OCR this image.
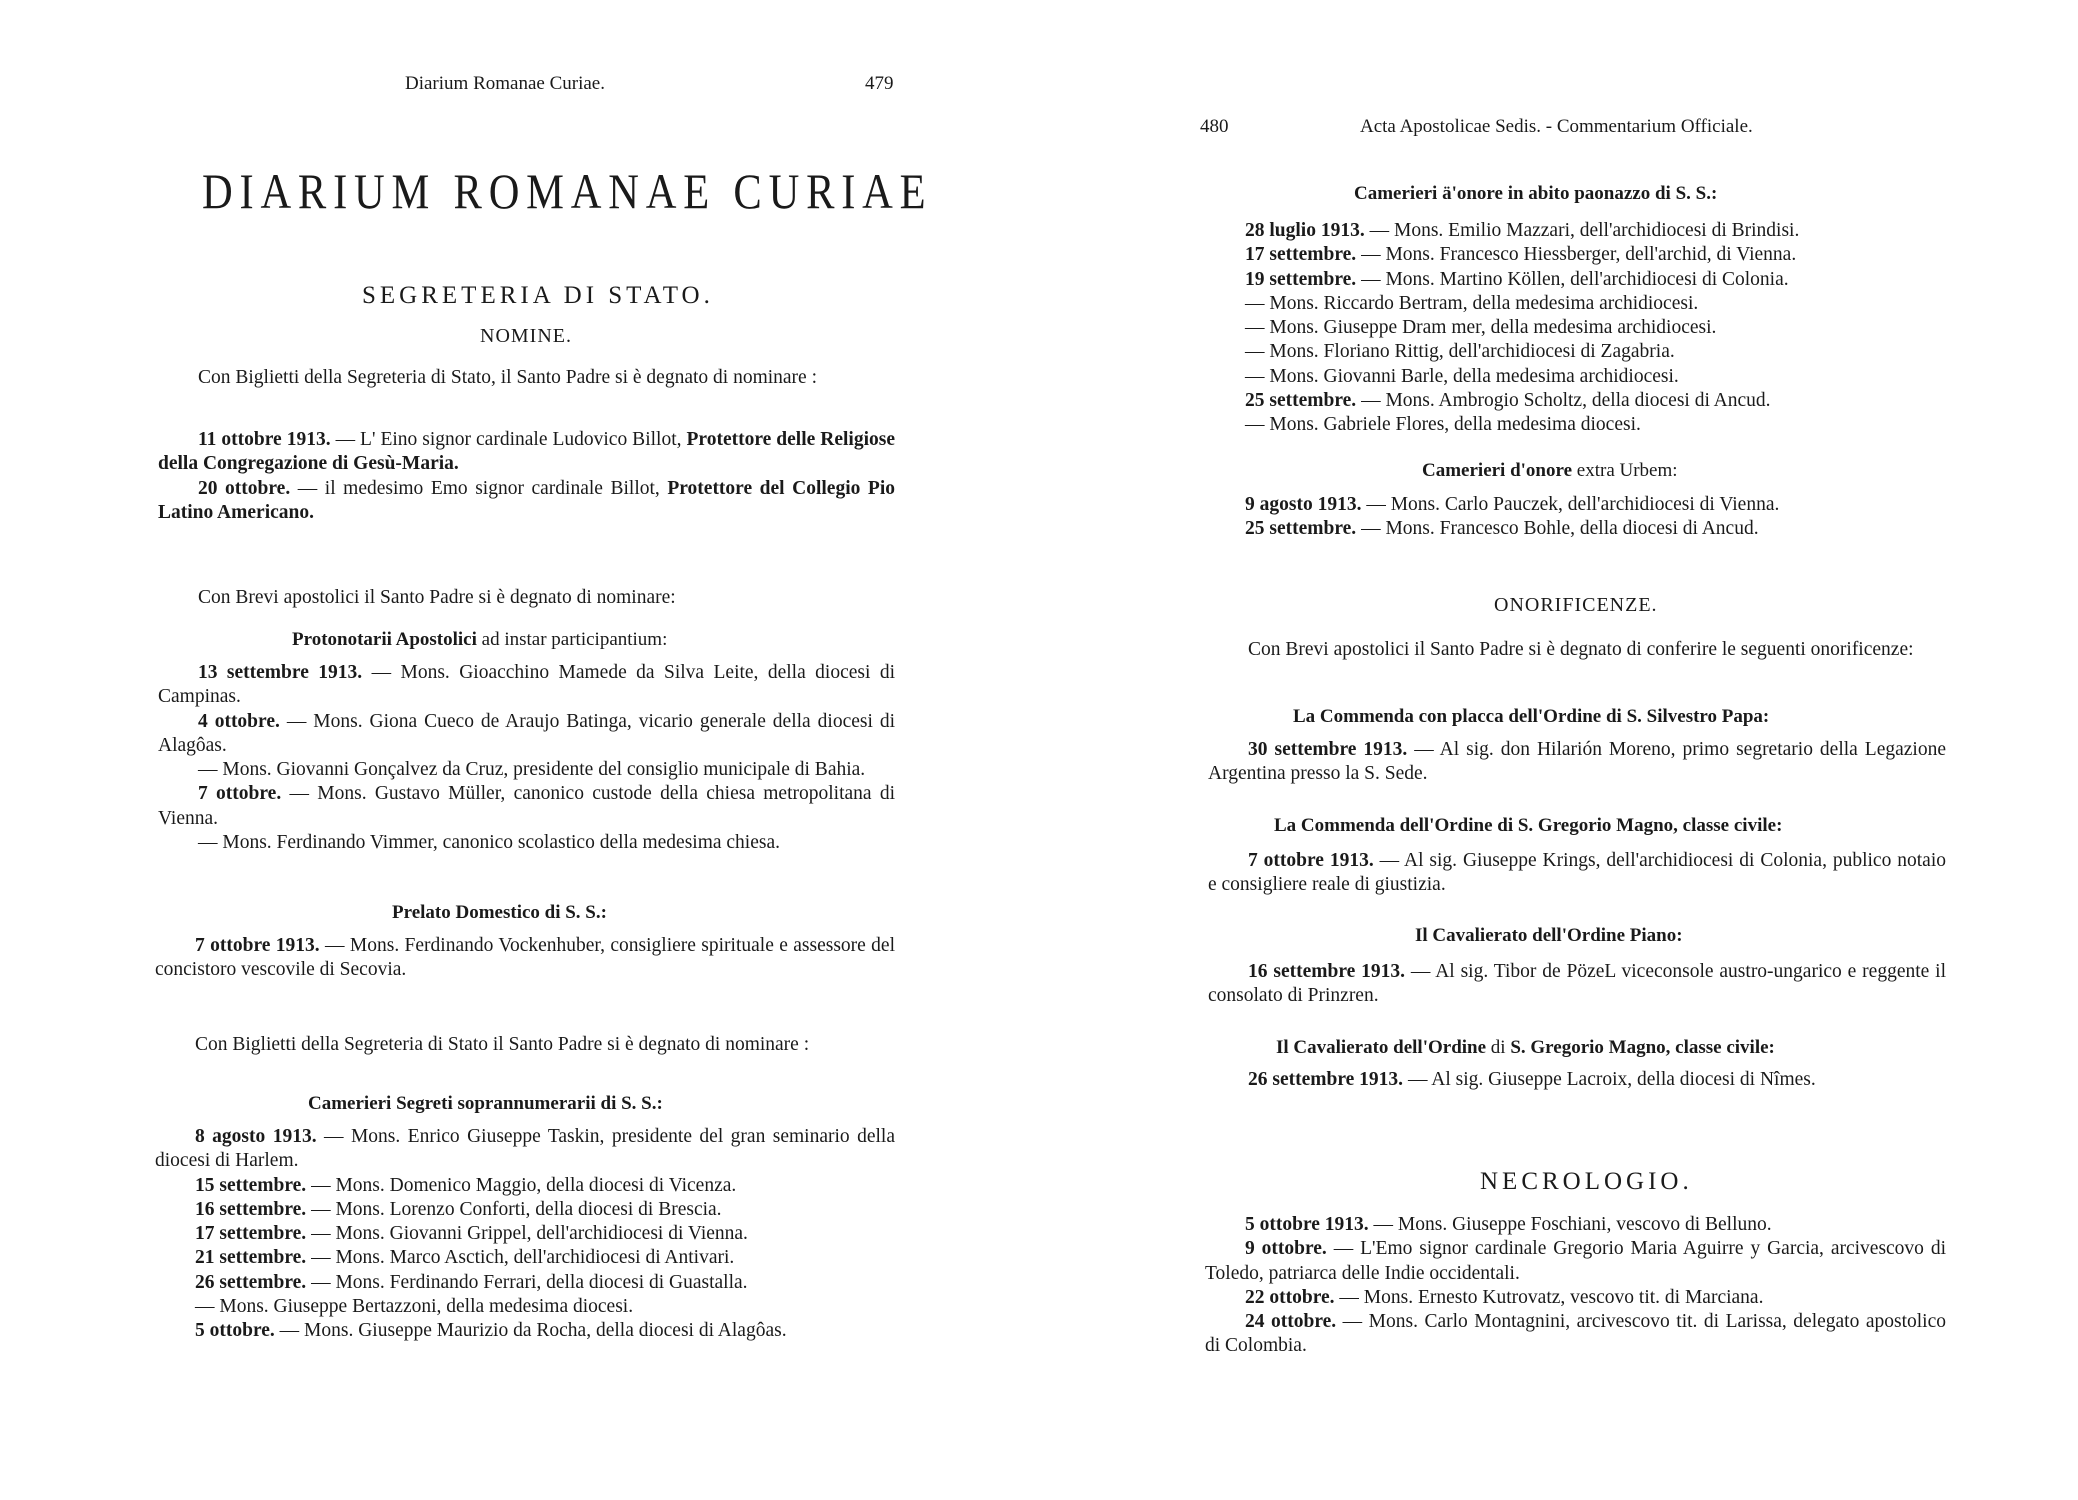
Diarium Romanae Curiae.	479
DIARIUM ROMANAE CURIAE
SEGRETERIA DI STATO.
NOMINE.

Con Biglietti della Segreteria di Stato, il Santo Padre si è degnato di nominare :

11 ottobre 1913. — L' Eino signor cardinale Ludovico Billot, Protettore delle Religiose della Congregazione di Gesù-Maria.

20 ottobre. — il medesimo Emo signor cardinale Billot, Protettore del Collegio Pio Latino Americano.

Con Brevi apostolici il Santo Padre si è degnato di nominare:

Protonotarii Apostolici ad instar participantium:

13 settembre 1913. — Mons. Gioacchino Mamede da Silva Leite, della diocesi di Campinas.

4 ottobre. — Mons. Giona Cueco de Araujo Batinga, vicario generale della diocesi di Alagôas.

— Mons. Giovanni Gonçalvez da Cruz, presidente del consiglio municipale di Bahia.

7 ottobre. — Mons. Gustavo Müller, canonico custode della chiesa metropolitana di Vienna.

— Mons. Ferdinando Vimmer, canonico scolastico della medesima chiesa.

Prelato Domestico di S. S.:

7 ottobre 1913. — Mons. Ferdinando Vockenhuber, consigliere spirituale e assessore del concistoro vescovile di Secovia.

Con Biglietti della Segreteria di Stato il Santo Padre si è degnato di nominare :

Camerieri Segreti soprannumerarii di S. S.:

8 agosto 1913. — Mons. Enrico Giuseppe Taskin, presidente del gran seminario della diocesi di Harlem.

15 settembre. — Mons. Domenico Maggio, della diocesi di Vicenza.

16 settembre. — Mons. Lorenzo Conforti, della diocesi di Brescia.

17 settembre. — Mons. Giovanni Grippel, dell'archidiocesi di Vienna.

21 settembre. — Mons. Marco Asctich, dell'archidiocesi di Antivari.

26 settembre. — Mons. Ferdinando Ferrari, della diocesi di Guastalla.

— Mons. Giuseppe Bertazzoni, della medesima diocesi.

5 ottobre. — Mons. Giuseppe Maurizio da Rocha, della diocesi di Alagôas.

480	Acta Apostolicae Sedis. - Commentarium Officiale.
Camerieri ä'onore in abito paonazzo di S. S.:

28 luglio 1913. — Mons. Emilio Mazzari, dell'archidiocesi di Brindisi.

17 settembre. — Mons. Francesco Hiessberger, dell'archid, di Vienna.

19 settembre. — Mons. Martino Köllen, dell'archidiocesi di Colonia.

— Mons. Riccardo Bertram, della medesima archidiocesi.

— Mons. Giuseppe Dram mer, della medesima archidiocesi.

— Mons. Floriano Rittig, dell'archidiocesi di Zagabria.

— Mons. Giovanni Barle, della medesima archidiocesi.

25 settembre. — Mons. Ambrogio Scholtz, della diocesi di Ancud.

— Mons. Gabriele Flores, della medesima diocesi.

Camerieri d'onore extra Urbem:

9 agosto 1913. — Mons. Carlo Pauczek, dell'archidiocesi di Vienna.

25 settembre. — Mons. Francesco Bohle, della diocesi di Ancud.

ONORIFICENZE.

Con Brevi apostolici il Santo Padre si è degnato di conferire le seguenti onorificenze:

La Commenda con placca dell'Ordine di S. Silvestro Papa:

30 settembre 1913. — Al sig. don Hilarión Moreno, primo segretario della Legazione Argentina presso la S. Sede.

La Commenda dell'Ordine di S. Gregorio Magno, classe civile:

7 ottobre 1913. — Al sig. Giuseppe Krings, dell'archidiocesi di Colonia, publico notaio e consigliere reale di giustizia.

Il Cavalierato dell'Ordine Piano:

16 settembre 1913. — Al sig. Tibor de PözeL viceconsole austro-ungarico e reggente il consolato di Prinzren.

Il Cavalierato dell'Ordine di S. Gregorio Magno, classe civile:

26 settembre 1913. — Al sig. Giuseppe Lacroix, della diocesi di Nîmes.

NECROLOGIO.

5 ottobre 1913. — Mons. Giuseppe Foschiani, vescovo di Belluno.

9 ottobre. — L'Emo signor cardinale Gregorio Maria Aguirre y Garcia, arcivescovo di Toledo, patriarca delle Indie occidentali.

22 ottobre. — Mons. Ernesto Kutrovatz, vescovo tit. di Marciana.

24 ottobre. — Mons. Carlo Montagnini, arcivescovo tit. di Larissa, delegato apostolico di Colombia.
